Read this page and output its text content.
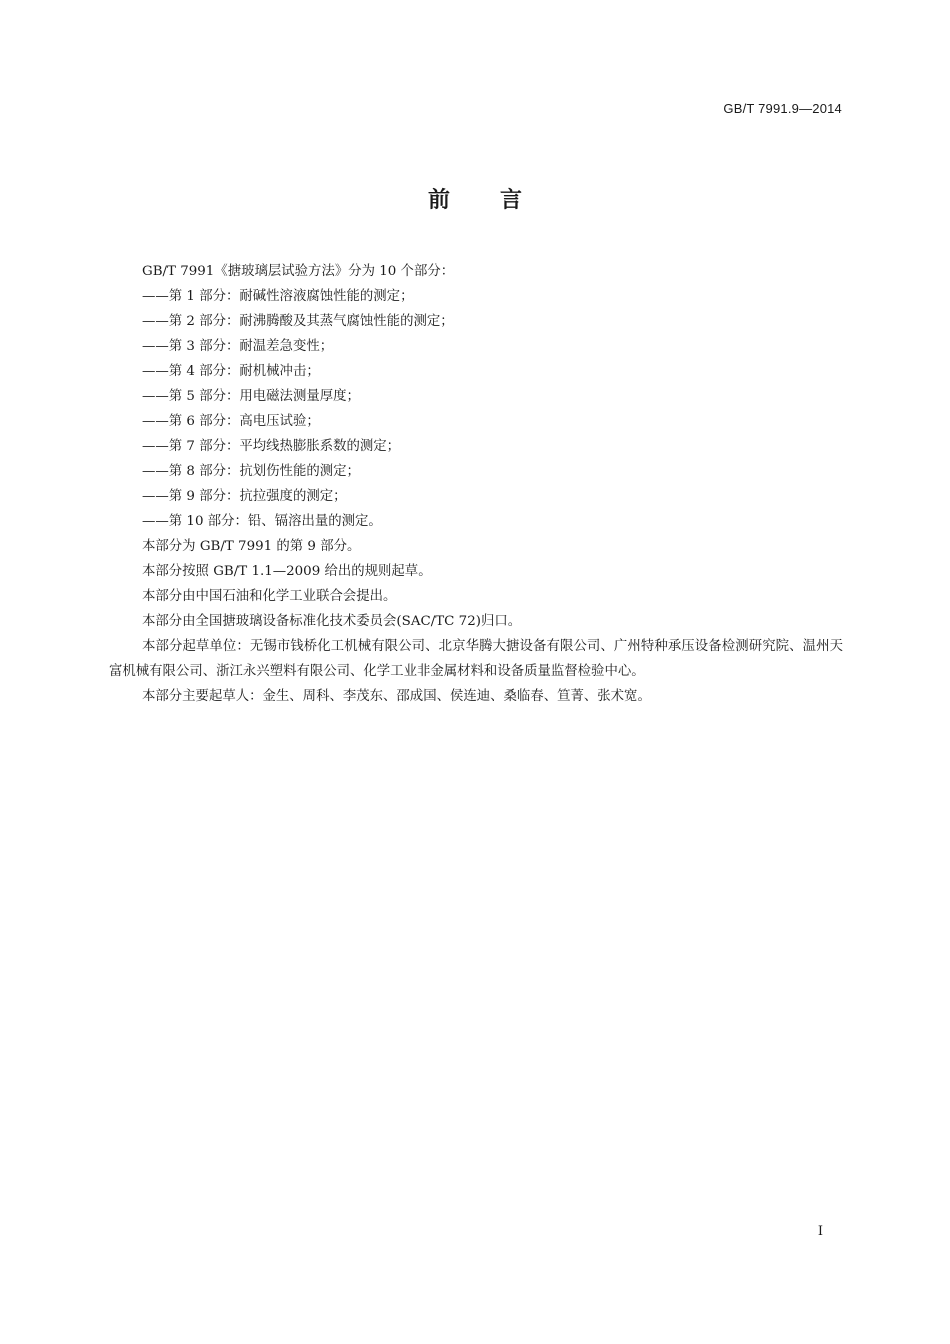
GB/T 7991.9—2014
前 言

GB/T 7991《搪玻璃层试验方法》分为 10 个部分：

——第 1 部分：耐碱性溶液腐蚀性能的测定；

——第 2 部分：耐沸腾酸及其蒸气腐蚀性能的测定；

——第 3 部分：耐温差急变性；

——第 4 部分：耐机械冲击；

——第 5 部分：用电磁法测量厚度；

——第 6 部分：高电压试验；

——第 7 部分：平均线热膨胀系数的测定；

——第 8 部分：抗划伤性能的测定；

——第 9 部分：抗拉强度的测定；

——第 10 部分：铅、镉溶出量的测定。

本部分为 GB/T 7991 的第 9 部分。

本部分按照 GB/T 1.1—2009 给出的规则起草。

本部分由中国石油和化学工业联合会提出。

本部分由全国搪玻璃设备标准化技术委员会(SAC/TC 72)归口。

本部分起草单位：无锡市钱桥化工机械有限公司、北京华腾大搪设备有限公司、广州特种承压设备检测研究院、温州天富机械有限公司、浙江永兴塑料有限公司、化学工业非金属材料和设备质量监督检验中心。

本部分主要起草人：金生、周科、李茂东、邵成国、侯连迪、桑临春、笪菁、张术宽。

I
